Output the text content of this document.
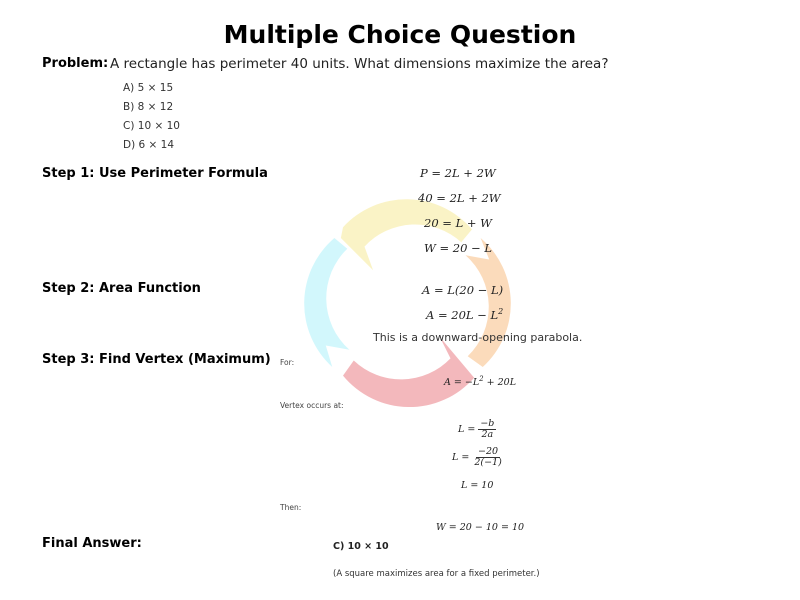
Multiple Choice Question
Problem: A rectangle has perimeter 40 units. What dimensions maximize the area?
A) 5 × 15
B) 8 × 12
C) 10 × 10
D) 6 × 14
Step 1: Use Perimeter Formula	P = 2L + 2W
40 = 2L + 2W
20 = L + W
W = 20 − L
Step 2: Area Function	A = L(20 − L)
$A = 20L - L^2$
This is a downward-opening parabola.
Step 3: Find Vertex (Maximum) For:
$A = -L^2 + 20L$
Vertex occurs at:
$L = \frac{-b}{2a}$
$L = \frac{-20}{2(-1)}$
L = 10
Then:
W = 20 − 10 = 10
Final Answer:	C) 10 × 10
(A square maximizes area for a fixed perimeter.)
